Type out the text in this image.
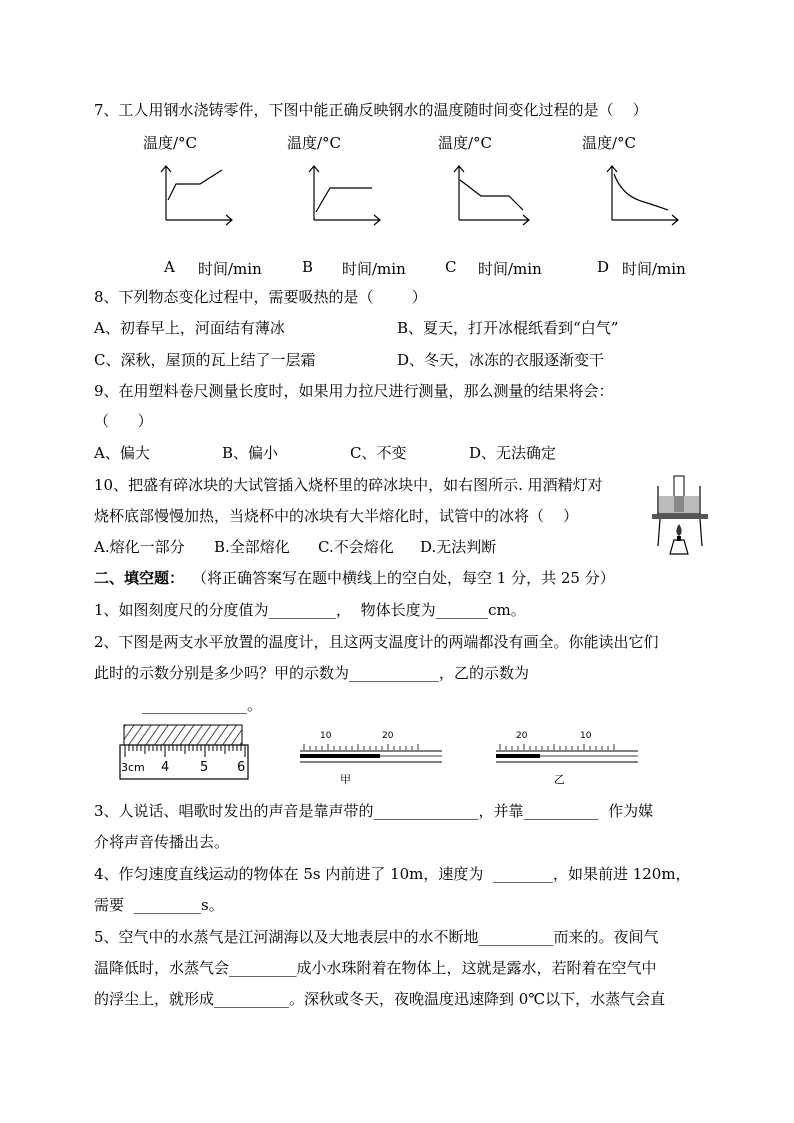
7、工人用钢水浇铸零件，下图中能正确反映钢水的温度随时间变化过程的是（    ）
温度/°C
A 时间/min
温度/°C
B 时间/min
温度/°C
C 时间/min
温度/°C
D 时间/min
8、下列物态变化过程中，需要吸热的是（        ）
A、初春早上，河面结有薄冰	B、夏天，打开冰棍纸看到“白气”
C、深秋，屋顶的瓦上结了一层霜	D、冬天，冰冻的衣服逐渐变干
9、在用塑料卷尺测量长度时，如果用力拉尺进行测量，那么测量的结果将会：
（      ）
A、偏大	B、偏小	C、不变	D、无法确定
10、把盛有碎冰块的大试管插入烧杯里的碎冰块中，如右图所示. 用酒精灯对
烧杯底部慢慢加热，当烧杯中的冰块有大半熔化时，试管中的冰将（    ）
A.熔化一部分 B.全部熔化 C.不会熔化 D.无法判断
二、填空题： （将正确答案写在题中横线上的空白处，每空 1 分，共 25 分）
1、如图刻度尺的分度值为_________，  物体长度为_______cm。
2、下图是两支水平放置的温度计，且这两支温度计的两端都没有画全。你能读出它们
此时的示数分别是多少吗？甲的示数为____________，乙的示数为
______________。
3cm 4 5 6
10	20
甲
20	10
乙
3、人说话、唱歌时发出的声音是靠声带的______________，并靠__________  作为媒
介将声音传播出去。
4、作匀速度直线运动的物体在 5s 内前进了 10m，速度为  ________，如果前进 120m，
需要  _________s。
5、空气中的水蒸气是江河湖海以及大地表层中的水不断地__________而来的。夜间气
温降低时，水蒸气会_________成小水珠附着在物体上，这就是露水，若附着在空气中
的浮尘上，就形成__________。深秋或冬天，夜晚温度迅速降到 0℃以下，水蒸气会直
